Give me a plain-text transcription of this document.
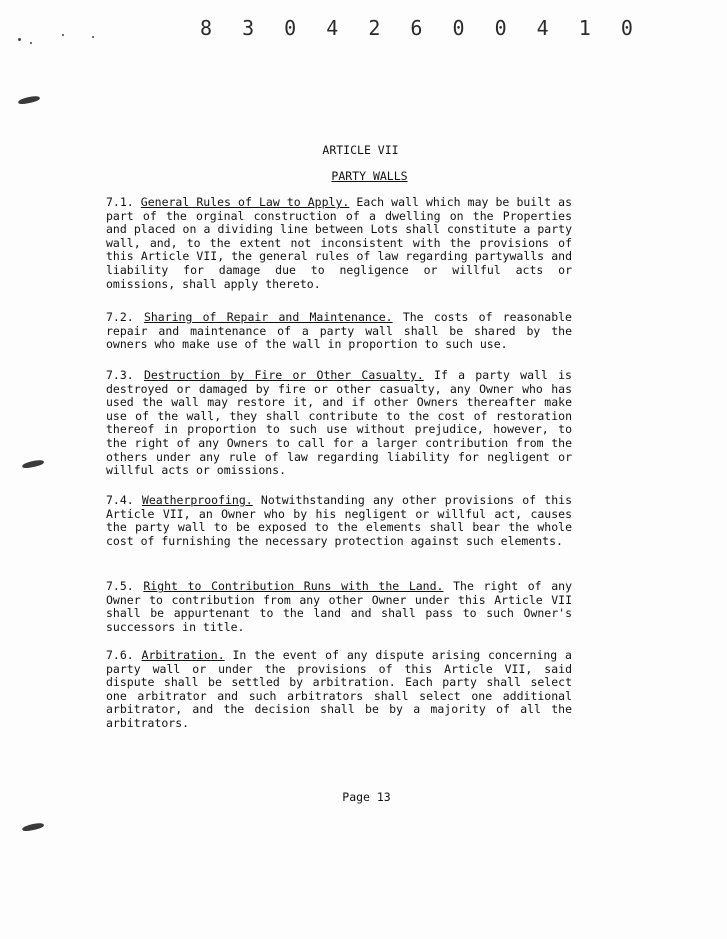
8 3 0 4 2 6 0 0 4 1 0
ARTICLE VII
PARTY WALLS
7.1. General Rules of Law to Apply. Each wall which may be built as part of the orginal construction of a dwelling on the Properties and placed on a dividing line between Lots shall constitute a party wall, and, to the extent not inconsistent with the provisions of this Article VII, the general rules of law regarding partywalls and liability for damage due to negligence or willful acts or omissions, shall apply thereto.
7.2. Sharing of Repair and Maintenance. The costs of reasonable repair and maintenance of a party wall shall be shared by the owners who make use of the wall in proportion to such use.
7.3. Destruction by Fire or Other Casualty. If a party wall is destroyed or damaged by fire or other casualty, any Owner who has used the wall may restore it, and if other Owners thereafter make use of the wall, they shall contribute to the cost of restoration thereof in proportion to such use without prejudice, however, to the right of any Owners to call for a larger contribution from the others under any rule of law regarding liability for negligent or willful acts or omissions.
7.4. Weatherproofing. Notwithstanding any other provisions of this Article VII, an Owner who by his negligent or willful act, causes the party wall to be exposed to the elements shall bear the whole cost of furnishing the necessary protection against such elements.
7.5. Right to Contribution Runs with the Land. The right of any Owner to contribution from any other Owner under this Article VII shall be appurtenant to the land and shall pass to such Owner's successors in title.
7.6. Arbitration. In the event of any dispute arising concerning a party wall or under the provisions of this Article VII, said dispute shall be settled by arbitration. Each party shall select one arbitrator and such arbitrators shall select one additional arbitrator, and the decision shall be by a majority of all the arbitrators.
Page 13
